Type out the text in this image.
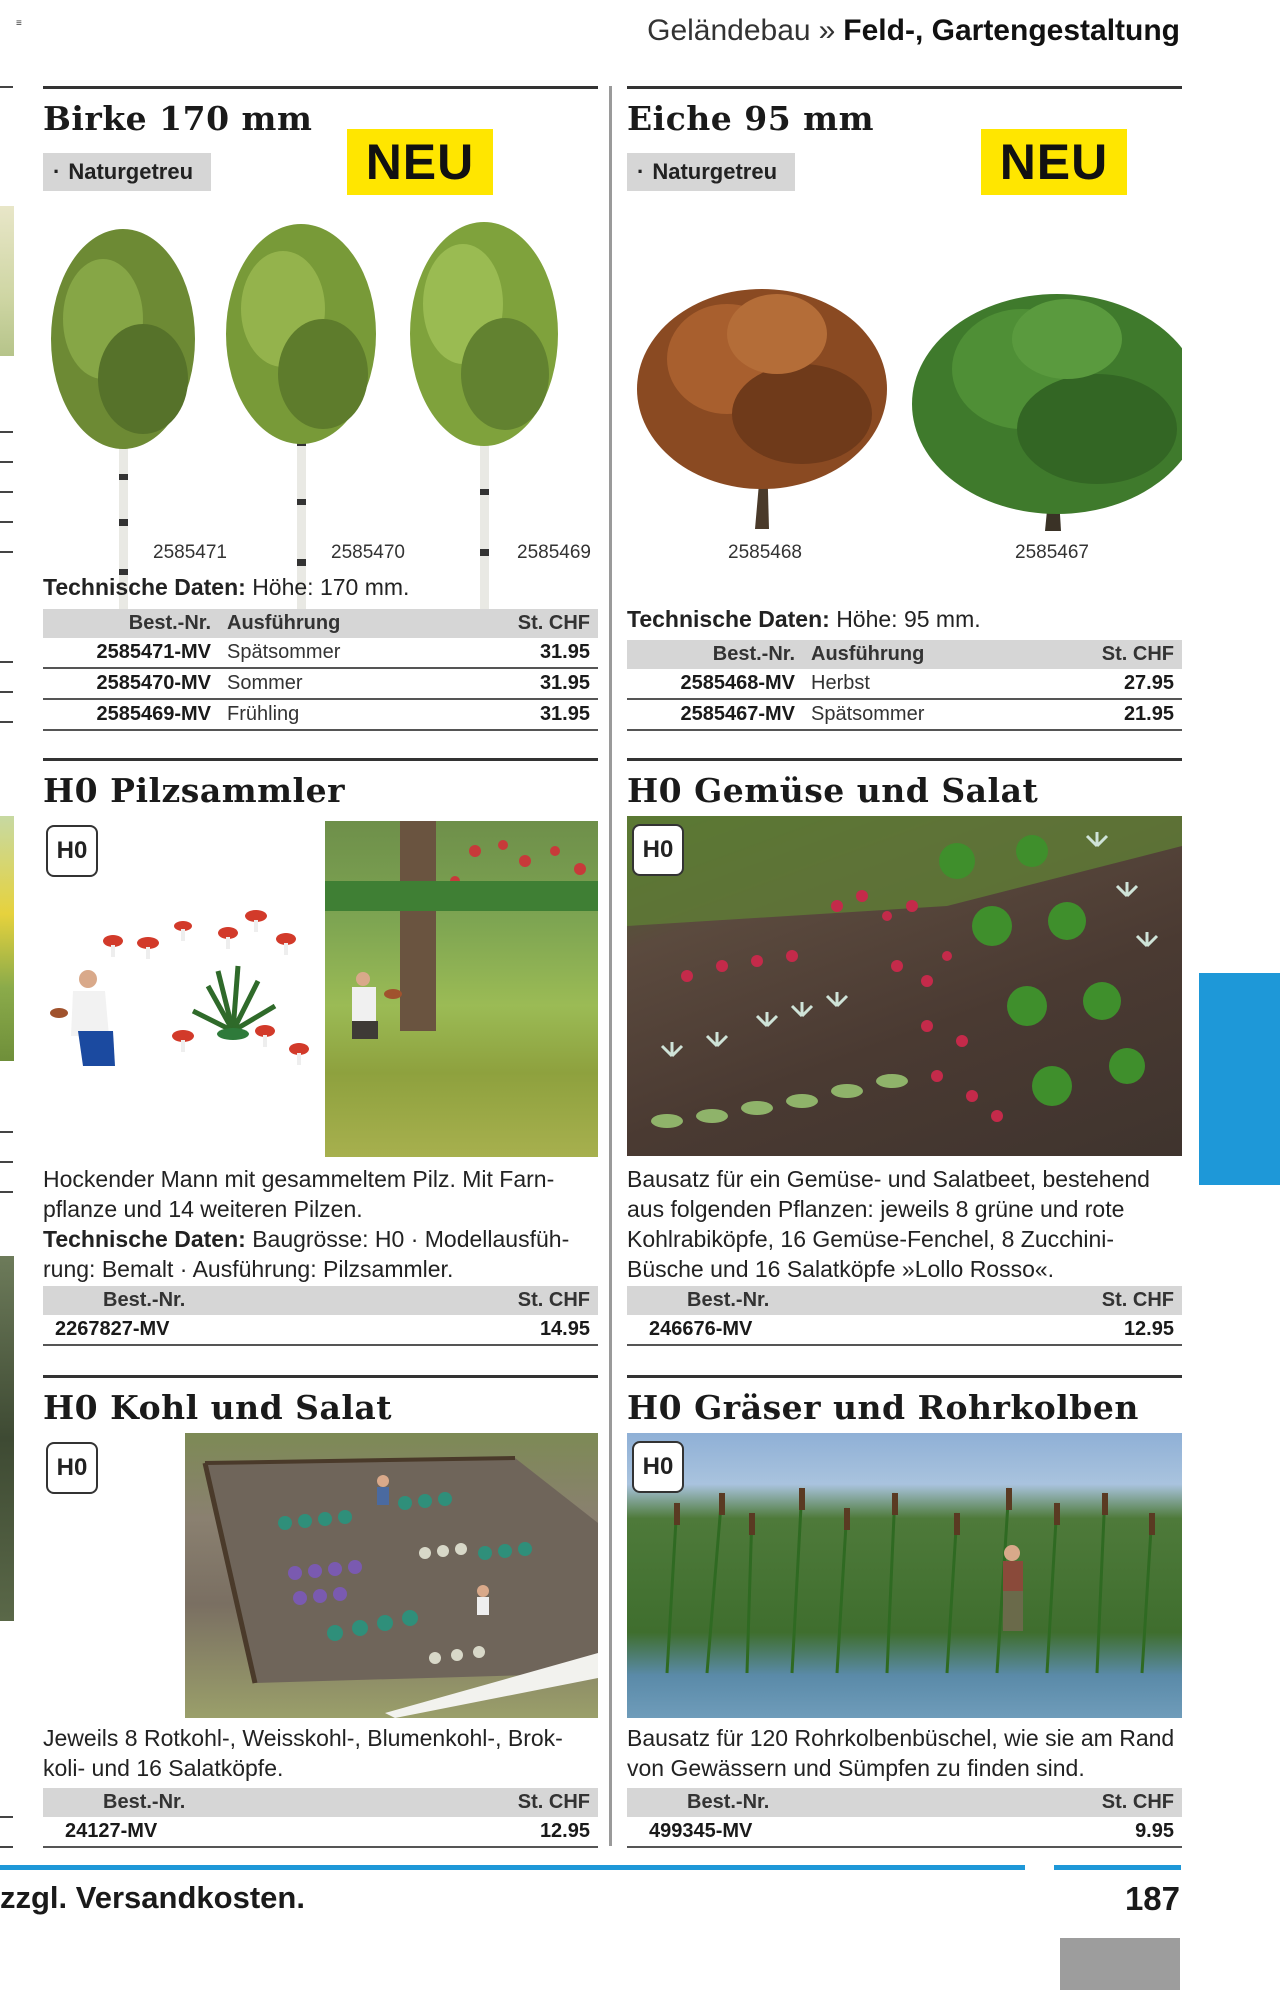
≡	Geländebau » Feld-, Gartengestaltung
Birke 170 mm
· Naturgetreu	NEU
2585471	2585470	2585469
Technische Daten: Höhe: 170 mm.
Best.-Nr.	Ausführung	St. CHF
2585471-MV	Spätsommer	31.95
2585470-MV	Sommer	31.95
2585469-MV	Frühling	31.95
Eiche 95 mm
· Naturgetreu	NEU
2585468	2585467
Technische Daten: Höhe: 95 mm.
Best.-Nr.	Ausführung	St. CHF
2585468-MV	Herbst	27.95
2585467-MV	Spätsommer	21.95
H0 Pilzsammler
H0
Hockender Mann mit gesammeltem Pilz. Mit Farn-pflanze und 14 weiteren Pilzen.
Technische Daten: Baugrösse: H0 · Modellausfüh-rung: Bemalt · Ausführung: Pilzsammler.
Best.-Nr.	St. CHF
2267827-MV	14.95
H0 Gemüse und Salat
H0
Bausatz für ein Gemüse- und Salatbeet, bestehend aus folgenden Pflanzen: jeweils 8 grüne und rote Kohlrabiköpfe, 16 Gemüse-Fenchel, 8 Zucchini-Büsche und 16 Salatköpfe »Lollo Rosso«.
Best.-Nr.	St. CHF
246676-MV	12.95
H0 Kohl und Salat
H0
Jeweils 8 Rotkohl-, Weisskohl-, Blumenkohl-, Brok-koli- und 16 Salatköpfe.
Best.-Nr.	St. CHF
24127-MV	12.95
H0 Gräser und Rohrkolben
H0
Bausatz für 120 Rohrkolbenbüschel, wie sie am Rand von Gewässern und Sümpfen zu finden sind.
Best.-Nr.	St. CHF
499345-MV	9.95
zzgl. Versandkosten.	187
